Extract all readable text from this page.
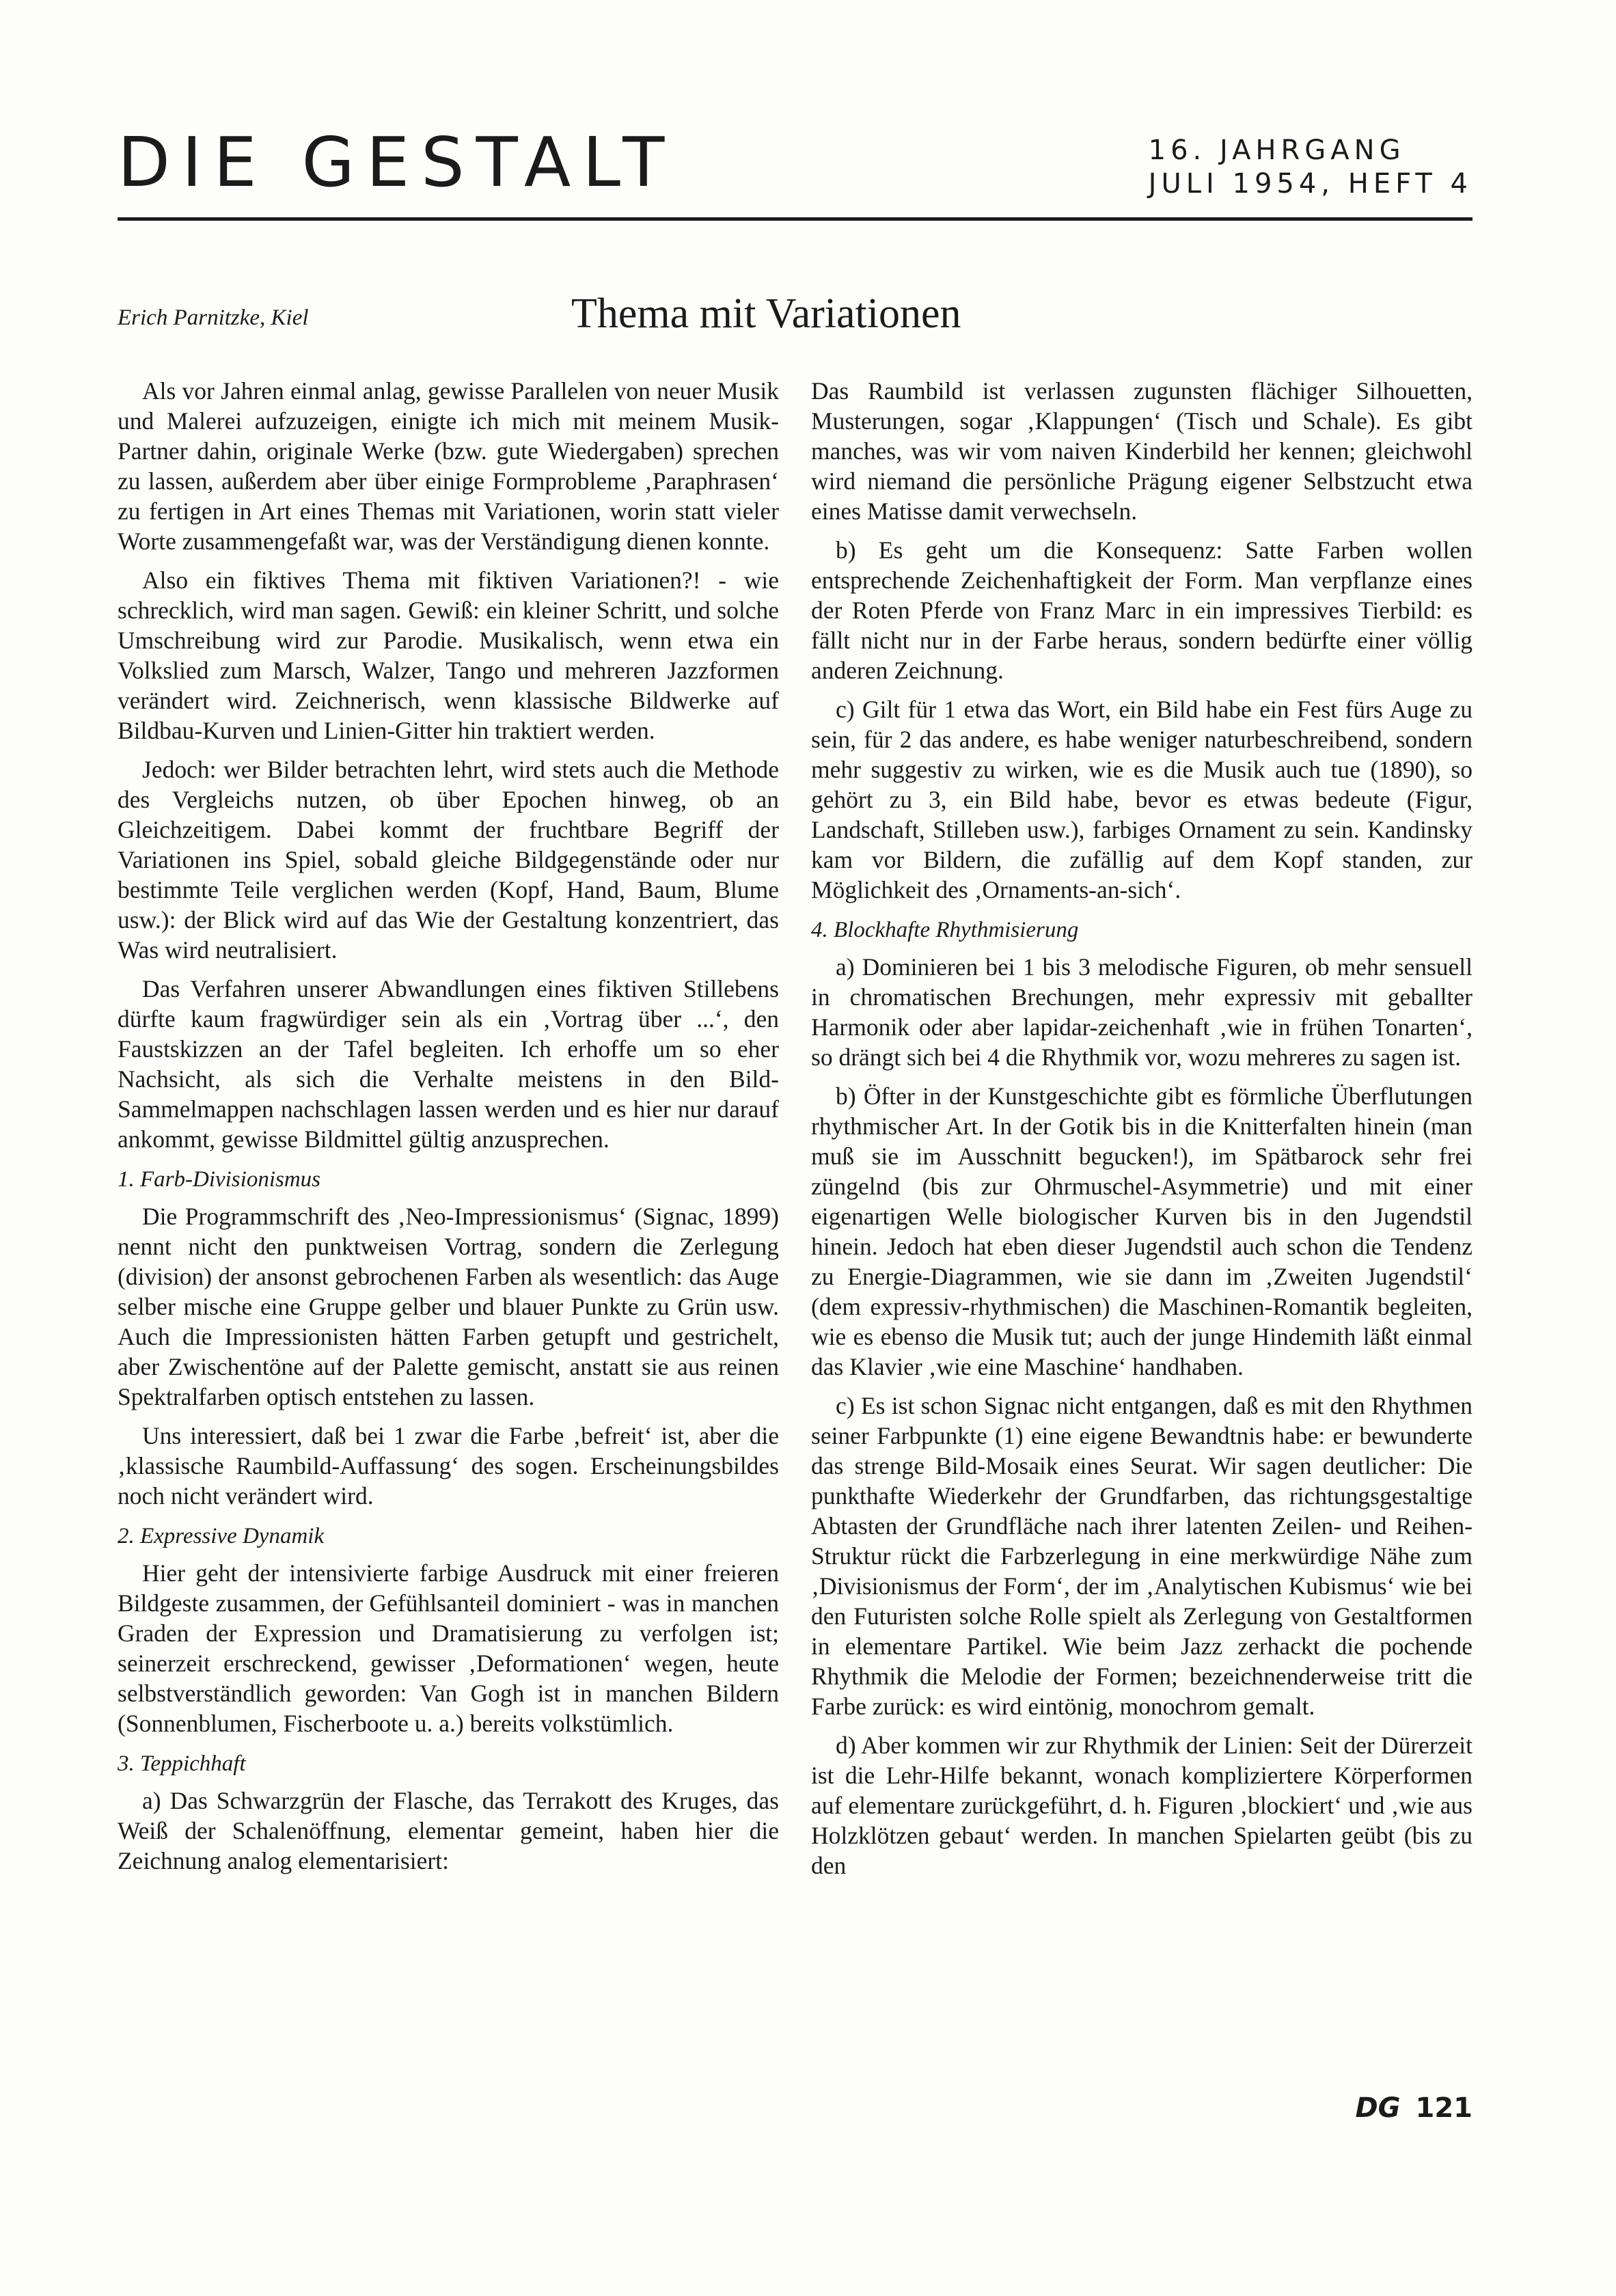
DIE GESTALT	16. JAHRGANG
JULI 1954, HEFT 4
Erich Parnitzke, Kiel	Thema mit Variationen

Als vor Jahren einmal anlag, gewisse Parallelen von neuer Musik und Malerei aufzuzeigen, einigte ich mich mit meinem Musik-Partner dahin, originale Werke (bzw. gute Wiedergaben) sprechen zu lassen, außerdem aber über einige Formprobleme ‚Paraphrasen‘ zu fertigen in Art eines Themas mit Variationen, worin statt vieler Worte zusammengefaßt war, was der Verständigung dienen konnte.

Also ein fiktives Thema mit fiktiven Variationen?! - wie schrecklich, wird man sagen. Gewiß: ein kleiner Schritt, und solche Umschreibung wird zur Parodie. Musikalisch, wenn etwa ein Volkslied zum Marsch, Walzer, Tango und mehreren Jazzformen verändert wird. Zeichnerisch, wenn klassische Bildwerke auf Bildbau-Kurven und Linien-Gitter hin traktiert werden.

Jedoch: wer Bilder betrachten lehrt, wird stets auch die Methode des Vergleichs nutzen, ob über Epochen hinweg, ob an Gleichzeitigem. Dabei kommt der fruchtbare Begriff der Variationen ins Spiel, sobald gleiche Bildgegenstände oder nur bestimmte Teile verglichen werden (Kopf, Hand, Baum, Blume usw.): der Blick wird auf das Wie der Gestaltung konzentriert, das Was wird neutralisiert.

Das Verfahren unserer Abwandlungen eines fiktiven Stillebens dürfte kaum fragwürdiger sein als ein ‚Vortrag über ...‘, den Faustskizzen an der Tafel begleiten. Ich erhoffe um so eher Nachsicht, als sich die Verhalte meistens in den Bild-Sammelmappen nachschlagen lassen werden und es hier nur darauf ankommt, gewisse Bildmittel gültig anzusprechen.

1. Farb-Divisionismus

Die Programmschrift des ‚Neo-Impressionismus‘ (Signac, 1899) nennt nicht den punktweisen Vortrag, sondern die Zerlegung (division) der ansonst gebrochenen Farben als wesentlich: das Auge selber mische eine Gruppe gelber und blauer Punkte zu Grün usw. Auch die Impressionisten hätten Farben getupft und gestrichelt, aber Zwischentöne auf der Palette gemischt, anstatt sie aus reinen Spektralfarben optisch entstehen zu lassen.

Uns interessiert, daß bei 1 zwar die Farbe ‚befreit‘ ist, aber die ‚klassische Raumbild-Auffassung‘ des sogen. Erscheinungsbildes noch nicht verändert wird.

2. Expressive Dynamik

Hier geht der intensivierte farbige Ausdruck mit einer freieren Bildgeste zusammen, der Gefühlsanteil dominiert - was in manchen Graden der Expression und Dramatisierung zu verfolgen ist; seinerzeit erschreckend, gewisser ‚Deformationen‘ wegen, heute selbstverständlich geworden: Van Gogh ist in manchen Bildern (Sonnenblumen, Fischerboote u. a.) bereits volkstümlich.

3. Teppichhaft

a) Das Schwarzgrün der Flasche, das Terrakott des Kruges, das Weiß der Schalenöffnung, elementar gemeint, haben hier die Zeichnung analog elementarisiert:

Das Raumbild ist verlassen zugunsten flächiger Silhouetten, Musterungen, sogar ‚Klappungen‘ (Tisch und Schale). Es gibt manches, was wir vom naiven Kinderbild her kennen; gleichwohl wird niemand die persönliche Prägung eigener Selbstzucht etwa eines Matisse damit verwechseln.

b) Es geht um die Konsequenz: Satte Farben wollen entsprechende Zeichenhaftigkeit der Form. Man verpflanze eines der Roten Pferde von Franz Marc in ein impressives Tierbild: es fällt nicht nur in der Farbe heraus, sondern bedürfte einer völlig anderen Zeichnung.

c) Gilt für 1 etwa das Wort, ein Bild habe ein Fest fürs Auge zu sein, für 2 das andere, es habe weniger naturbeschreibend, sondern mehr suggestiv zu wirken, wie es die Musik auch tue (1890), so gehört zu 3, ein Bild habe, bevor es etwas bedeute (Figur, Landschaft, Stilleben usw.), farbiges Ornament zu sein. Kandinsky kam vor Bildern, die zufällig auf dem Kopf standen, zur Möglichkeit des ‚Ornaments-an-sich‘.

4. Blockhafte Rhythmisierung

a) Dominieren bei 1 bis 3 melodische Figuren, ob mehr sensuell in chromatischen Brechungen, mehr expressiv mit geballter Harmonik oder aber lapidar-zeichenhaft ‚wie in frühen Tonarten‘, so drängt sich bei 4 die Rhythmik vor, wozu mehreres zu sagen ist.

b) Öfter in der Kunstgeschichte gibt es förmliche Überflutungen rhythmischer Art. In der Gotik bis in die Knitterfalten hinein (man muß sie im Ausschnitt begucken!), im Spätbarock sehr frei züngelnd (bis zur Ohrmuschel-Asymmetrie) und mit einer eigenartigen Welle biologischer Kurven bis in den Jugendstil hinein. Jedoch hat eben dieser Jugendstil auch schon die Tendenz zu Energie-Diagrammen, wie sie dann im ‚Zweiten Jugendstil‘ (dem expressiv-rhythmischen) die Maschinen-Romantik begleiten, wie es ebenso die Musik tut; auch der junge Hindemith läßt einmal das Klavier ‚wie eine Maschine‘ handhaben.

c) Es ist schon Signac nicht entgangen, daß es mit den Rhythmen seiner Farbpunkte (1) eine eigene Bewandtnis habe: er bewunderte das strenge Bild-Mosaik eines Seurat. Wir sagen deutlicher: Die punkthafte Wiederkehr der Grundfarben, das richtungsgestaltige Abtasten der Grundfläche nach ihrer latenten Zeilen- und Reihen-Struktur rückt die Farbzerlegung in eine merkwürdige Nähe zum ‚Divisionismus der Form‘, der im ‚Analytischen Kubismus‘ wie bei den Futuristen solche Rolle spielt als Zerlegung von Gestaltformen in elementare Partikel. Wie beim Jazz zerhackt die pochende Rhythmik die Melodie der Formen; bezeichnenderweise tritt die Farbe zurück: es wird eintönig, monochrom gemalt.

d) Aber kommen wir zur Rhythmik der Linien: Seit der Dürerzeit ist die Lehr-Hilfe bekannt, wonach kompliziertere Körperformen auf elementare zurückgeführt, d. h. Figuren ‚blockiert‘ und ‚wie aus Holzklötzen gebaut‘ werden. In manchen Spielarten geübt (bis zu den

DG 121
